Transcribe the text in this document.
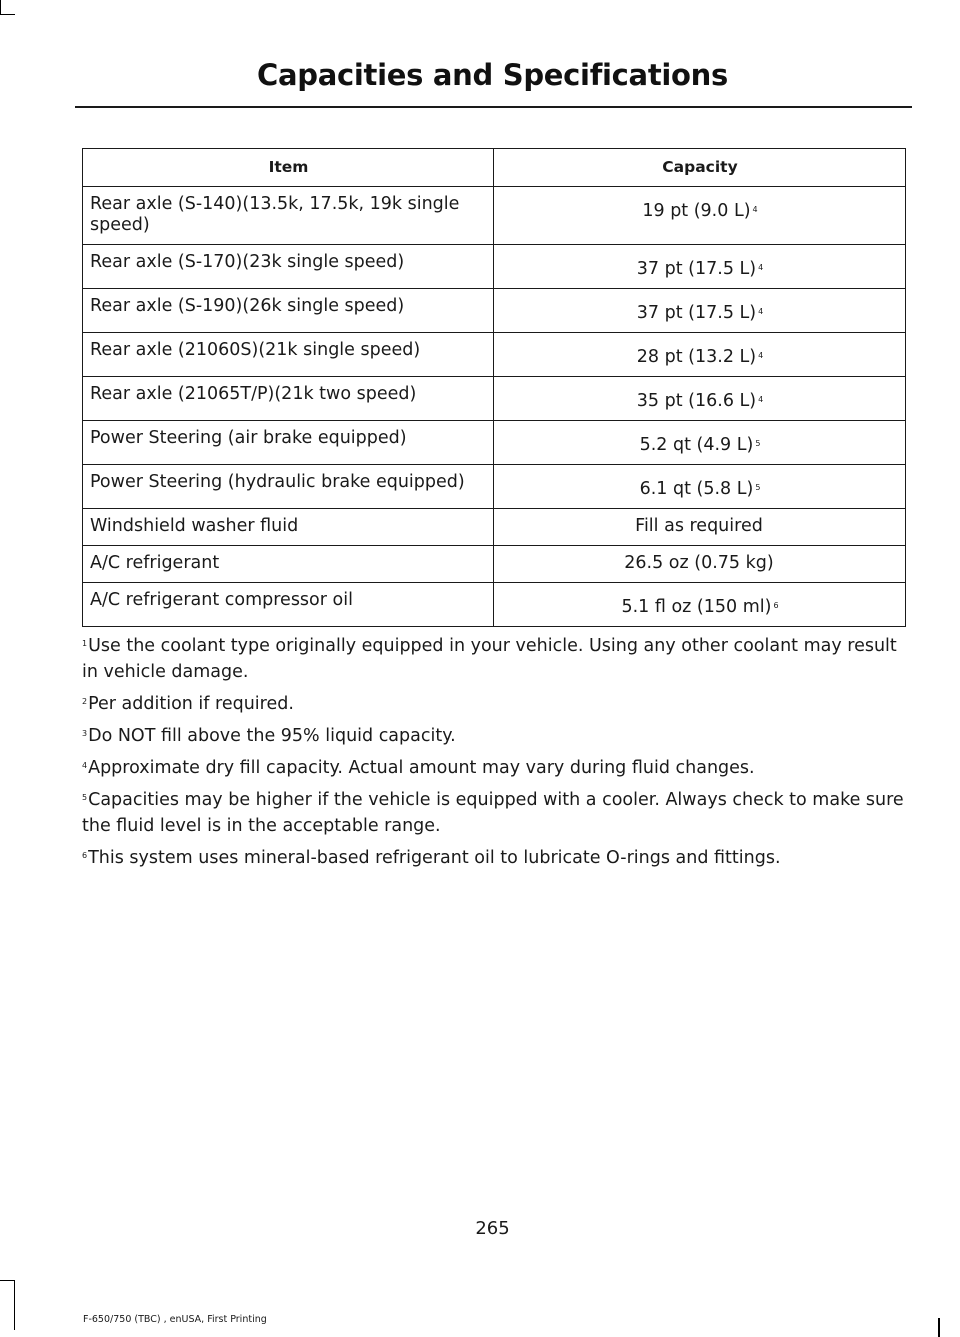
Capacities and Specifications
Item	Capacity
Rear axle (S-140)(13.5k, 17.5k, 19k single speed)	19 pt (9.0 L) $^4$
Rear axle (S-170)(23k single speed)	37 pt (17.5 L) $^4$
Rear axle (S-190)(26k single speed)	37 pt (17.5 L) $^4$
Rear axle (21060S)(21k single speed)	28 pt (13.2 L) $^4$
Rear axle (21065T/P)(21k two speed)	35 pt (16.6 L) $^4$
Power Steering (air brake equipped)	5.2 qt (4.9 L) $^5$
Power Steering (hydraulic brake equipped)	6.1 qt (5.8 L) $^5$
Windshield washer fluid	Fill as required
A/C refrigerant	26.5 oz (0.75 kg)
A/C refrigerant compressor oil	5.1 fl oz (150 ml) $^6$

$^1$Use the coolant type originally equipped in your vehicle. Using any other coolant may result in vehicle damage.

$^2$Per addition if required.

$^3$Do NOT fill above the 95% liquid capacity.

$^4$Approximate dry fill capacity. Actual amount may vary during fluid changes.

$^5$Capacities may be higher if the vehicle is equipped with a cooler. Always check to make sure the fluid level is in the acceptable range.

$^6$This system uses mineral-based refrigerant oil to lubricate O-rings and fittings.

265
F-650/750 (TBC) , enUSA, First Printing
